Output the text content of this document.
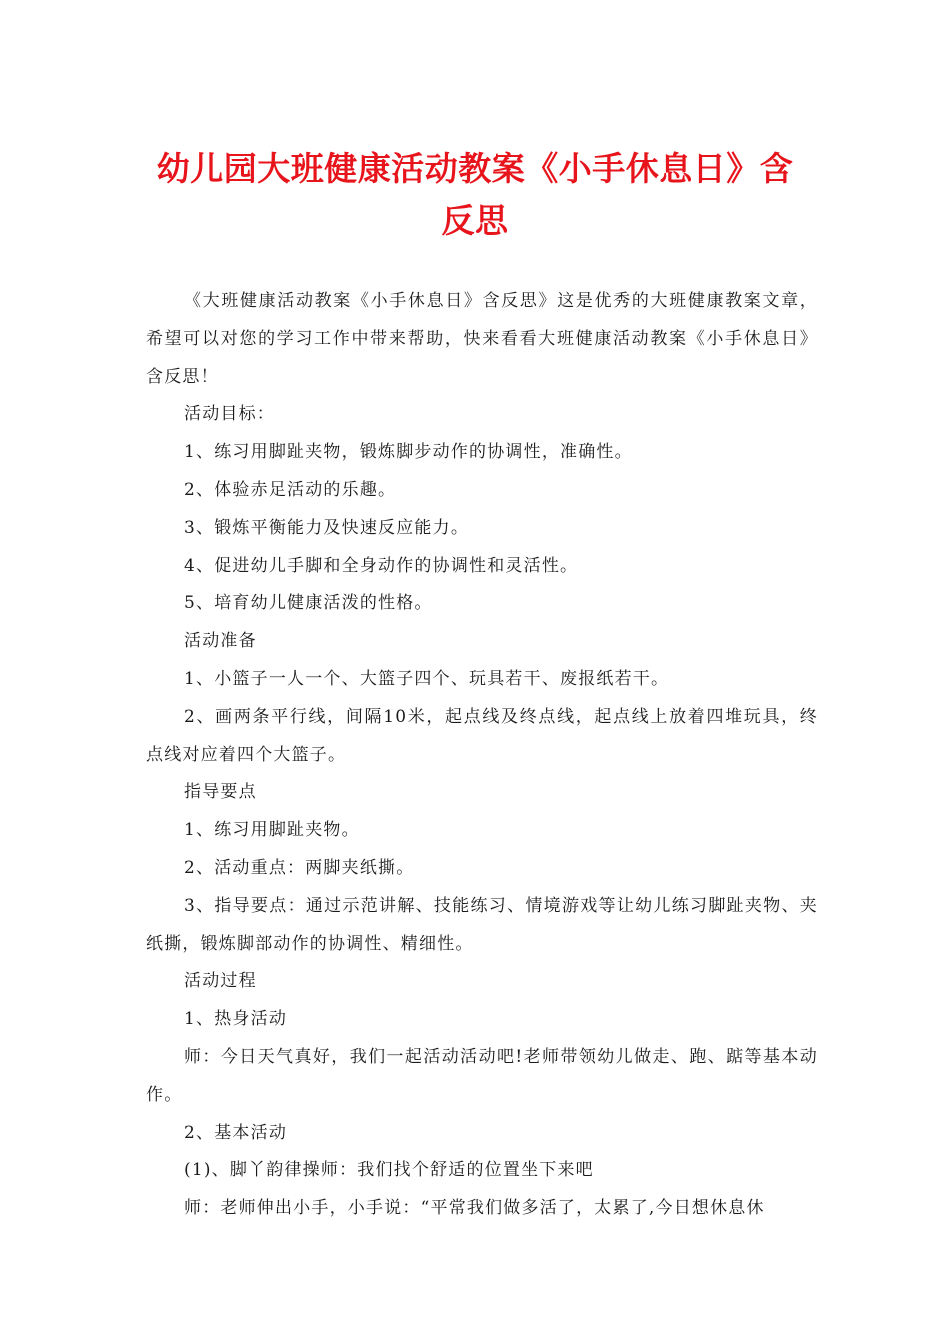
幼儿园大班健康活动教案《小手休息日》含
反思

《大班健康活动教案《小手休息日》含反思》这是优秀的大班健康教案文章，希望可以对您的学习工作中带来帮助，快来看看大班健康活动教案《小手休息日》含反思！

活动目标：

1、练习用脚趾夹物，锻炼脚步动作的协调性，准确性。

2、体验赤足活动的乐趣。

3、锻炼平衡能力及快速反应能力。

4、促进幼儿手脚和全身动作的协调性和灵活性。

5、培育幼儿健康活泼的性格。

活动准备

1、小篮子一人一个、大篮子四个、玩具若干、废报纸若干。

2、画两条平行线，间隔10米，起点线及终点线，起点线上放着四堆玩具，终点线对应着四个大篮子。

指导要点

1、练习用脚趾夹物。

2、活动重点：两脚夹纸撕。

3、指导要点：通过示范讲解、技能练习、情境游戏等让幼儿练习脚趾夹物、夹纸撕，锻炼脚部动作的协调性、精细性。

活动过程

1、热身活动

师：今日天气真好，我们一起活动活动吧!老师带领幼儿做走、跑、踮等基本动作。

2、基本活动

(1)、脚丫韵律操师：我们找个舒适的位置坐下来吧

师：老师伸出小手，小手说：“平常我们做多活了，太累了,今日想休息休
